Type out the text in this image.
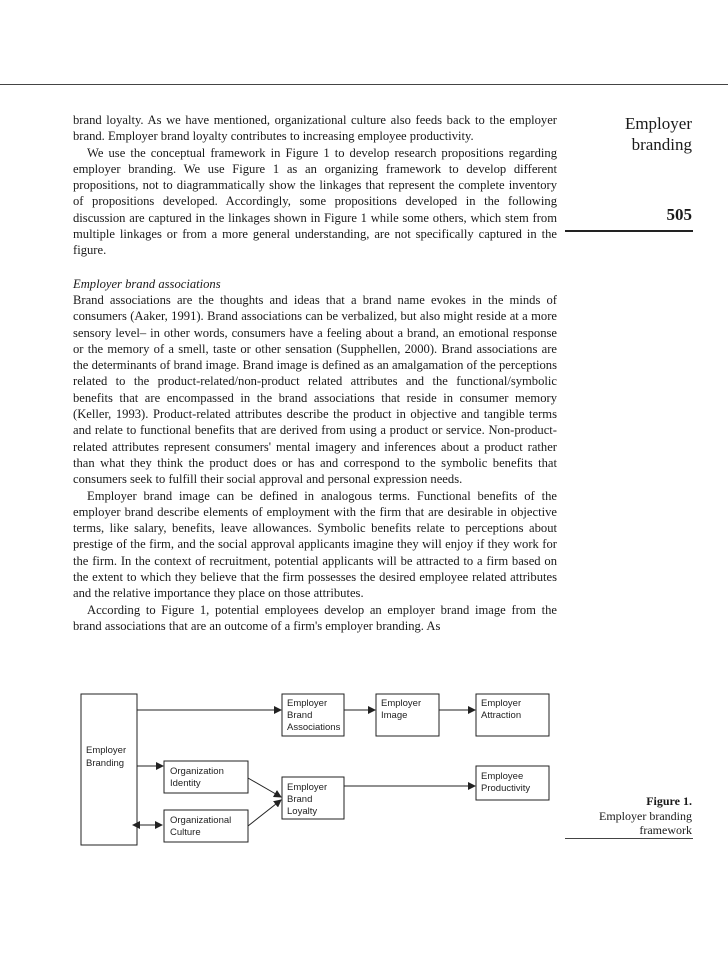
brand loyalty. As we have mentioned, organizational culture also feeds back to the employer brand. Employer brand loyalty contributes to increasing employee productivity.

We use the conceptual framework in Figure 1 to develop research propositions regarding employer branding. We use Figure 1 as an organizing framework to develop different propositions, not to diagrammatically show the linkages that represent the complete inventory of propositions developed. Accordingly, some propositions developed in the following discussion are captured in the linkages shown in Figure 1 while some others, which stem from multiple linkages or from a more general understanding, are not specifically captured in the figure.

Employer brand associations

Brand associations are the thoughts and ideas that a brand name evokes in the minds of consumers (Aaker, 1991). Brand associations can be verbalized, but also might reside at a more sensory level– in other words, consumers have a feeling about a brand, an emotional response or the memory of a smell, taste or other sensation (Supphellen, 2000). Brand associations are the determinants of brand image. Brand image is defined as an amalgamation of the perceptions related to the product-related/non-product related attributes and the functional/symbolic benefits that are encompassed in the brand associations that reside in consumer memory (Keller, 1993). Product-related attributes describe the product in objective and tangible terms and relate to functional benefits that are derived from using a product or service. Non-product-related attributes represent consumers' mental imagery and inferences about a product rather than what they think the product does or has and correspond to the symbolic benefits that consumers seek to fulfill their social approval and personal expression needs.

Employer brand image can be defined in analogous terms. Functional benefits of the employer brand describe elements of employment with the firm that are desirable in objective terms, like salary, benefits, leave allowances. Symbolic benefits relate to perceptions about prestige of the firm, and the social approval applicants imagine they will enjoy if they work for the firm. In the context of recruitment, potential applicants will be attracted to a firm based on the extent to which they believe that the firm possesses the desired employee related attributes and the relative importance they place on those attributes.

According to Figure 1, potential employees develop an employer brand image from the brand associations that are an outcome of a firm's employer branding. As

Employer
branding
505
Employer
Branding
Employer
Brand
Associations
Employer
Image
Employer
Attraction
Organization
Identity
Organizational
Culture
Employer
Brand
Loyalty
Employee
Productivity
Figure 1.
Employer branding
framework
